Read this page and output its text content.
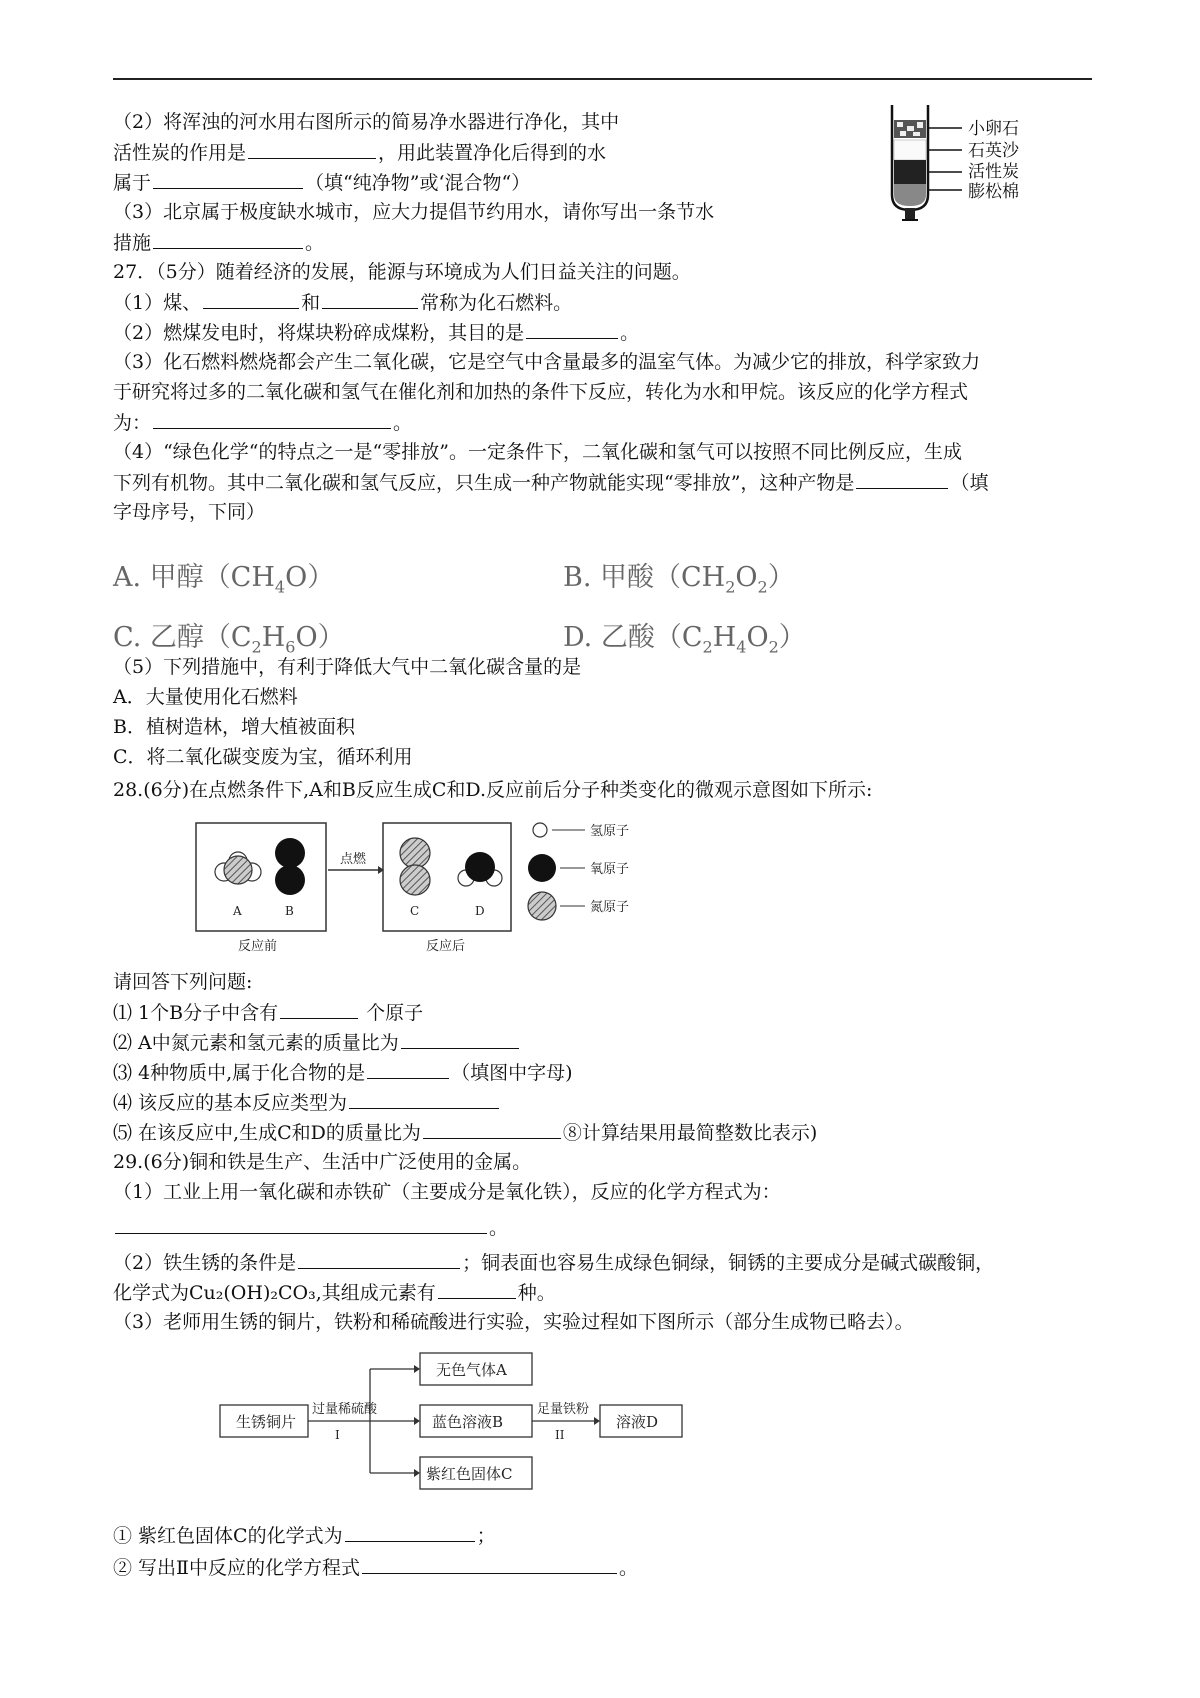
（2）将浑浊的河水用右图所示的简易净水器进行净化，其中
活性炭的作用是	，用此装置净化后得到的水
属于	（填“纯净物”或‘混合物“）
（3）北京属于极度缺水城市，应大力提倡节约用水，请你写出一条节水
措施	。
小卵石
石英沙
活性炭
膨松棉
27．（5分）随着经济的发展，能源与环境成为人们日益关注的问题。
（1）煤、	和	常称为化石燃料。
（2）燃煤发电时，将煤块粉碎成煤粉，其目的是	。
（3）化石燃料燃烧都会产生二氧化碳，它是空气中含量最多的温室气体。为减少它的排放，科学家致力
于研究将过多的二氧化碳和氢气在催化剂和加热的条件下反应，转化为水和甲烷。该反应的化学方程式
为：	。
（4）“绿色化学“的特点之一是“零排放”。一定条件下，二氧化碳和氢气可以按照不同比例反应，生成
下列有机物。其中二氧化碳和氢气反应，只生成一种产物就能实现“零排放”，这种产物是	（填
字母序号，下同）
A. 甲醇$(CH_4O)$	B. 甲酸$(CH_2O_2)$
C. 乙醇$(C_2H_6O)$	D. 乙酸$(C_2H_4O_2)$
（5）下列措施中，有利于降低大气中二氧化碳含量的是
A．大量使用化石燃料
B．植树造林，增大植被面积
C．将二氧化碳变废为宝，循环利用
28.(6分)在点燃条件下,A和B反应生成C和D.反应前后分子种类变化的微观示意图如下所示:
A	B
点燃
C	D
反应前	反应后
氢原子
氧原子
氮原子
请回答下列问题:
⑴ 1个B分子中含有	个原子
⑵ A中氮元素和氢元素的质量比为
⑶ 4种物质中,属于化合物的是	（填图中字母)
⑷ 该反应的基本反应类型为
⑸ 在该反应中,生成C和D的质量比为	⑧计算结果用最简整数比表示)
29.(6分)铜和铁是生产、生活中广泛使用的金属。
（1）工业上用一氧化碳和赤铁矿（主要成分是氧化铁），反应的化学方程式为：
。
（2）铁生锈的条件是	；铜表面也容易生成绿色铜绿，铜锈的主要成分是碱式碳酸铜，
化学式为Cu₂(OH)₂CO₃,其组成元素有	种。
（3）老师用生锈的铜片，铁粉和稀硫酸进行实验，实验过程如下图所示（部分生成物已略去）。
生锈铜片
过量稀硫酸
I
无色气体A
蓝色溶液B
紫红色固体C
足量铁粉
II
溶液D
① 紫红色固体C的化学式为	；
② 写出Ⅱ中反应的化学方程式	。
